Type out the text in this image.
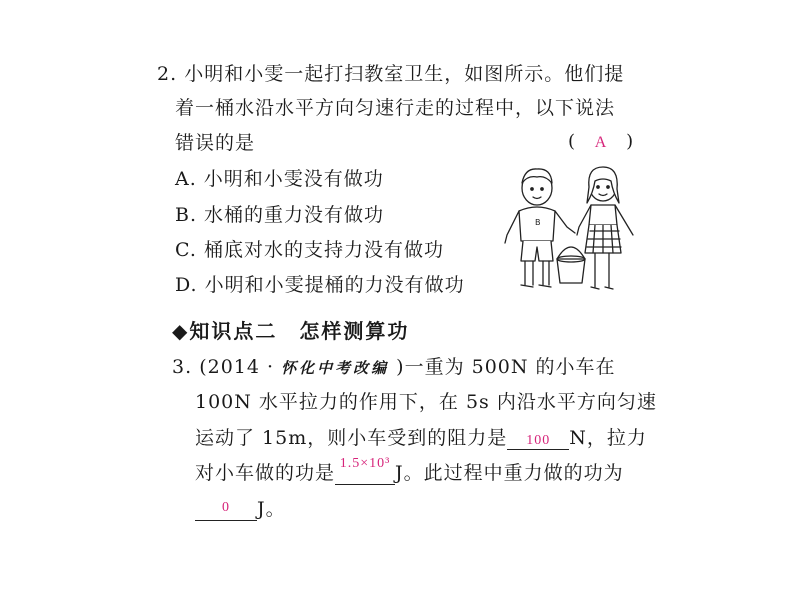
2. 小明和小雯一起打扫教室卫生，如图所示。他们提
着一桶水沿水平方向匀速行走的过程中，以下说法
错误的是	( A )
A. 小明和小雯没有做功
B. 水桶的重力没有做功
C. 桶底对水的支持力没有做功
D. 小明和小雯提桶的力没有做功
B
◆知识点二　怎样测算功
3. (2014 · 怀化中考改编 )一重为 500N 的小车在
100N 水平拉力的作用下，在 5s 内沿水平方向匀速
运动了 15m，则小车受到的阻力是	100	N，拉力
对小车做的功是 1.5×10³ J。此过程中重力做的功为
0	J。
